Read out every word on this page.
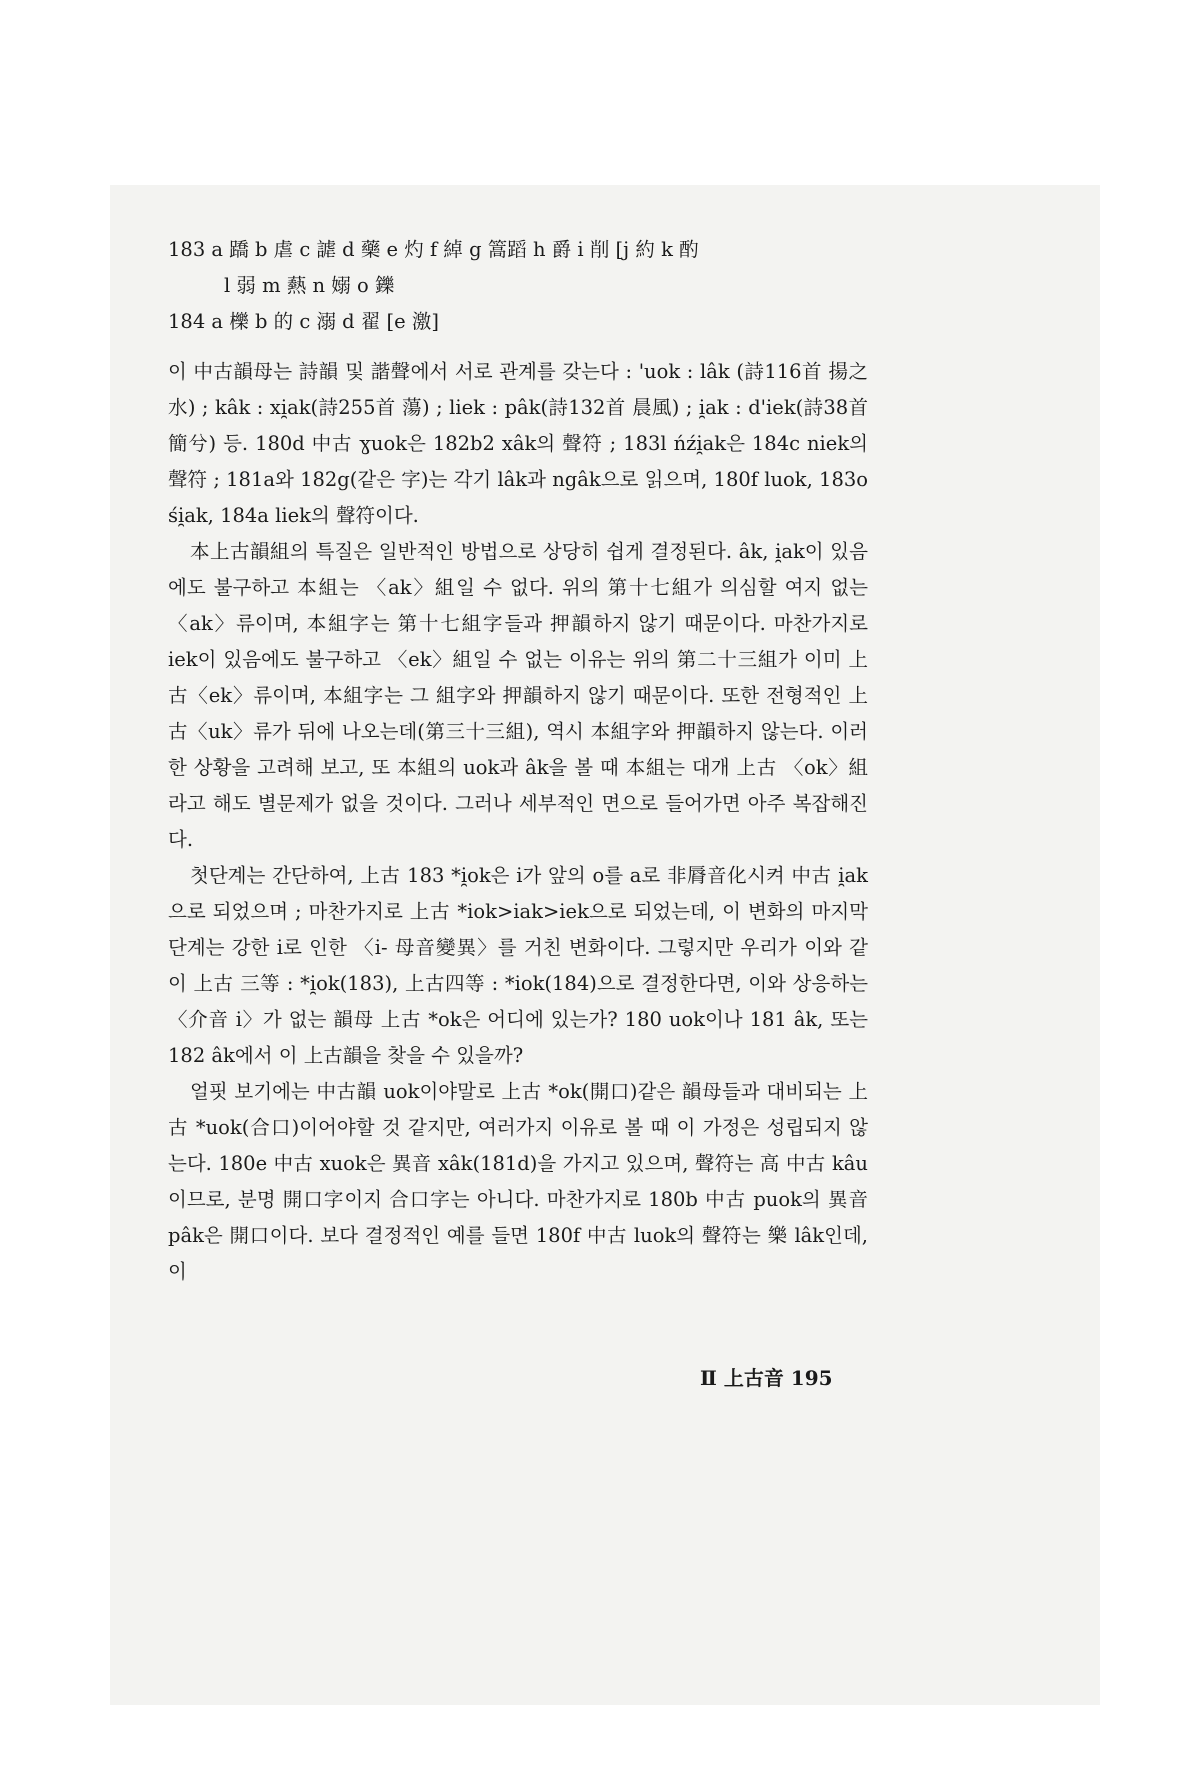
183 a 蹻 b 虐 c 謔 d 藥 e 灼 f 綽 g 篙蹈 h 爵 i 削 [j 約 k 酌
l 弱 m 爇 n 嫋 o 鑠
184 a 櫟 b 的 c 溺 d 翟 [e 激]

이 中古韻母는 詩韻 및 諧聲에서 서로 관계를 갖는다 : 'uok : lâk (詩116首 揚之水) ; kâk : xi̯ak(詩255首 蕩) ; liek : pâk(詩132首 晨風) ; i̯ak : d'iek(詩38首 簡兮) 등. 180d 中古 ɣuok은 182b2 xâk의 聲符 ; 183l ńźi̯ak은 184c niek의 聲符 ; 181a와 182g(같은 字)는 각기 lâk과 ngâk으로 읽으며, 180f luok, 183o śi̯ak, 184a liek의 聲符이다.

本上古韻組의 특질은 일반적인 방법으로 상당히 쉽게 결정된다. âk, i̯ak이 있음에도 불구하고 本組는 〈ak〉組일 수 없다. 위의 第十七組가 의심할 여지 없는 〈ak〉류이며, 本組字는 第十七組字들과 押韻하지 않기 때문이다. 마찬가지로 iek이 있음에도 불구하고 〈ek〉組일 수 없는 이유는 위의 第二十三組가 이미 上古〈ek〉류이며, 本組字는 그 組字와 押韻하지 않기 때문이다. 또한 전형적인 上古〈uk〉류가 뒤에 나오는데(第三十三組), 역시 本組字와 押韻하지 않는다. 이러한 상황을 고려해 보고, 또 本組의 uok과 âk을 볼 때 本組는 대개 上古 〈ok〉組라고 해도 별문제가 없을 것이다. 그러나 세부적인 면으로 들어가면 아주 복잡해진다.

첫단계는 간단하여, 上古 183 *i̯ok은 i가 앞의 o를 a로 非脣音化시켜 中古 i̯ak으로 되었으며 ; 마찬가지로 上古 *iok>iak>iek으로 되었는데, 이 변화의 마지막 단계는 강한 i로 인한 〈i- 母音變異〉를 거친 변화이다. 그렇지만 우리가 이와 같이 上古 三等 : *i̯ok(183), 上古四等 : *iok(184)으로 결정한다면, 이와 상응하는 〈介音 i〉가 없는 韻母 上古 *ok은 어디에 있는가? 180 uok이나 181 âk, 또는 182 âk에서 이 上古韻을 찾을 수 있을까?

얼핏 보기에는 中古韻 uok이야말로 上古 *ok(開口)같은 韻母들과 대비되는 上古 *uok(合口)이어야할 것 같지만, 여러가지 이유로 볼 때 이 가정은 성립되지 않는다. 180e 中古 xuok은 異音 xâk(181d)을 가지고 있으며, 聲符는 高 中古 kâu이므로, 분명 開口字이지 合口字는 아니다. 마찬가지로 180b 中古 puok의 異音 pâk은 開口이다. 보다 결정적인 예를 들면 180f 中古 luok의 聲符는 樂 lâk인데, 이

Ⅱ 上古音 195
